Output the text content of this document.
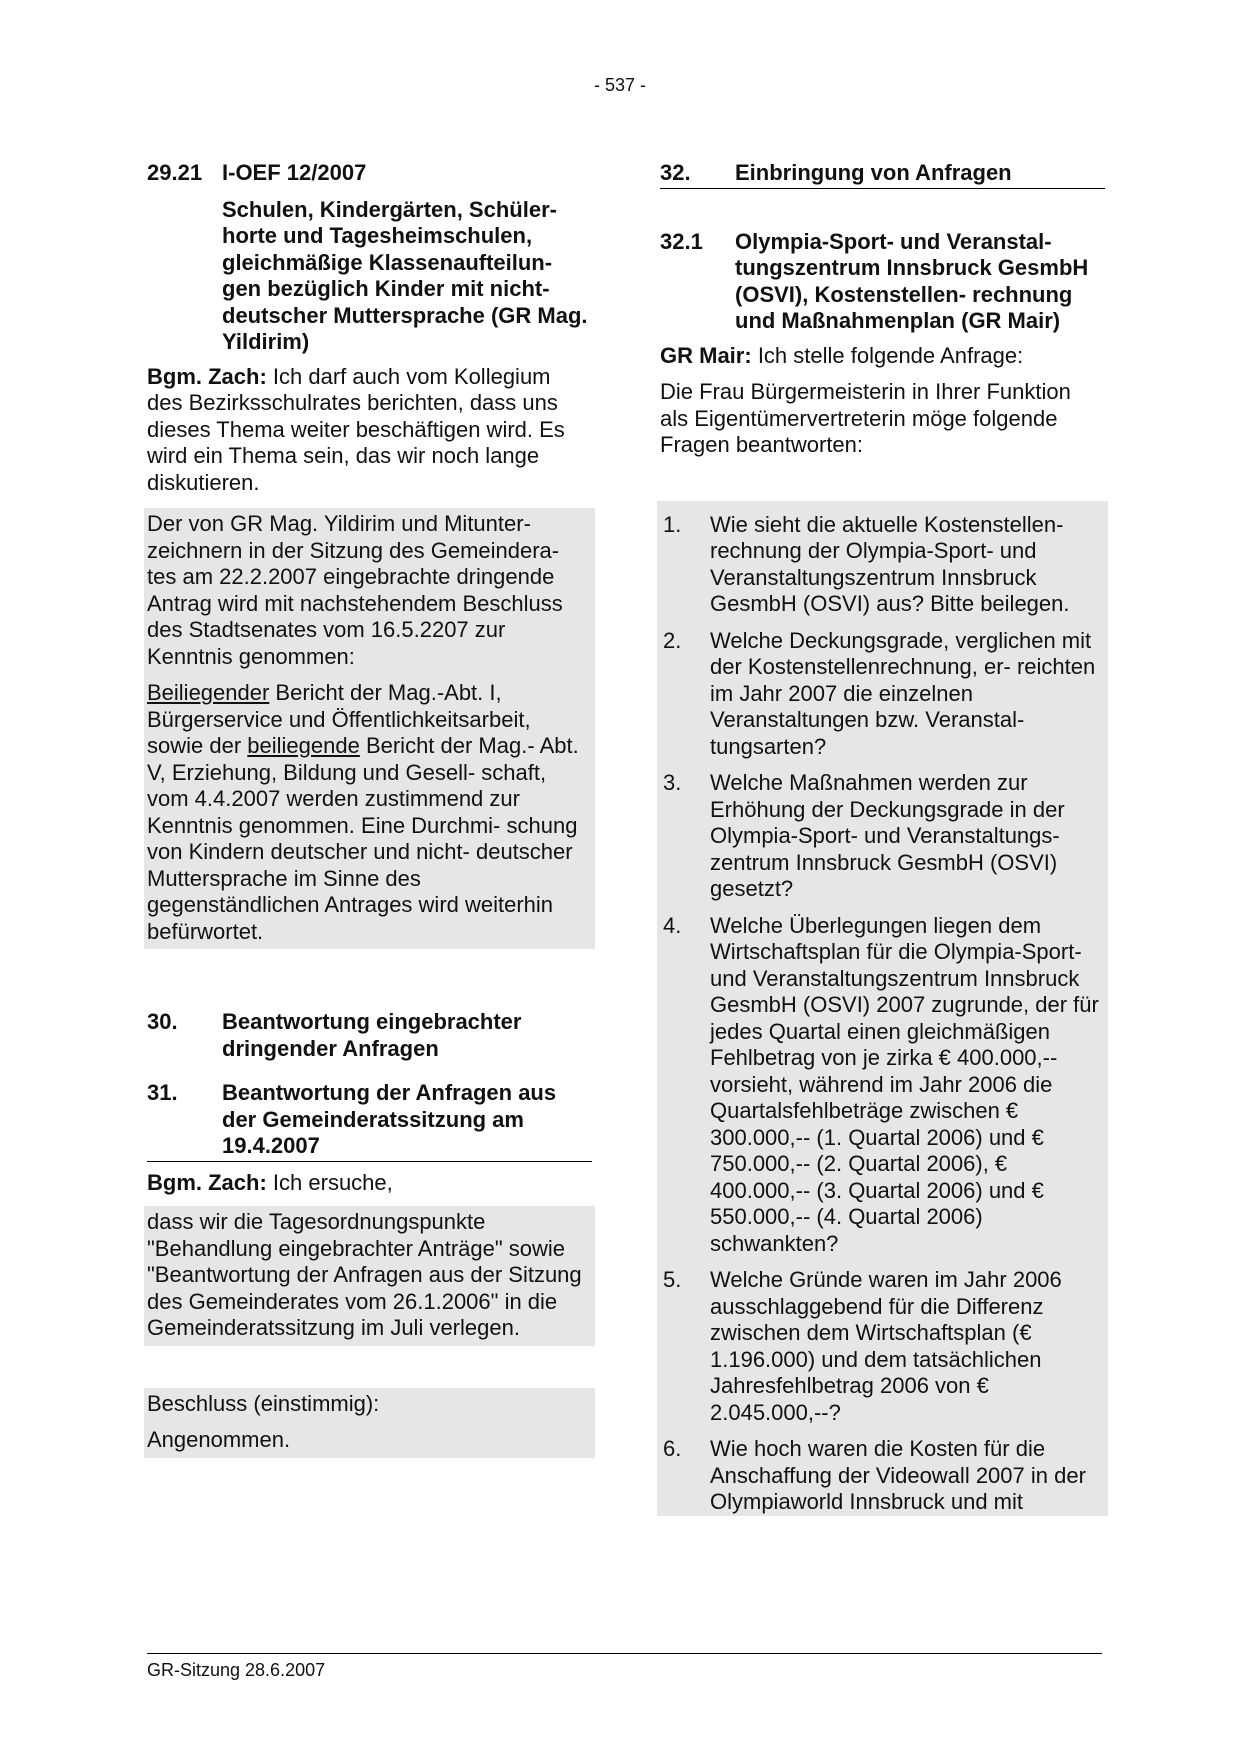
- 537 -
29.21 I-OEF 12/2007
Schulen, Kindergärten, Schüler- horte und Tagesheimschulen, gleichmäßige Klassenaufteilun- gen bezüglich Kinder mit nicht- deutscher Muttersprache (GR Mag. Yildirim)

Bgm. Zach: Ich darf auch vom Kollegium des Bezirksschulrates berichten, dass uns dieses Thema weiter beschäftigen wird. Es wird ein Thema sein, das wir noch lange diskutieren.

Der von GR Mag. Yildirim und Mitunter- zeichnern in der Sitzung des Gemeindera- tes am 22.2.2007 eingebrachte dringende Antrag wird mit nachstehendem Beschluss des Stadtsenates vom 16.5.2207 zur Kenntnis genommen:

Beiliegender Bericht der Mag.-Abt. I, Bürgerservice und Öffentlichkeitsarbeit, sowie der beiliegende Bericht der Mag.- Abt. V, Erziehung, Bildung und Gesell- schaft, vom 4.4.2007 werden zustimmend zur Kenntnis genommen. Eine Durchmi- schung von Kindern deutscher und nicht- deutscher Muttersprache im Sinne des gegenständlichen Antrages wird weiterhin befürwortet.

30.	Beantwortung eingebrachter dringender Anfragen
31.	Beantwortung der Anfragen aus der Gemeinderatssitzung am 19.4.2007

Bgm. Zach: Ich ersuche,

dass wir die Tagesordnungspunkte "Behandlung eingebrachter Anträge" sowie "Beantwortung der Anfragen aus der Sitzung des Gemeinderates vom 26.1.2006" in die Gemeinderatssitzung im Juli verlegen.

Beschluss (einstimmig):

Angenommen.

32.	Einbringung von Anfragen
32.1	Olympia-Sport- und Veranstal- tungszentrum Innsbruck GesmbH (OSVI), Kostenstellen- rechnung und Maßnahmenplan (GR Mair)

GR Mair: Ich stelle folgende Anfrage:

Die Frau Bürgermeisterin in Ihrer Funktion als Eigentümervertreterin möge folgende Fragen beantworten:

1.	Wie sieht die aktuelle Kostenstellen- rechnung der Olympia-Sport- und Veranstaltungszentrum Innsbruck GesmbH (OSVI) aus? Bitte beilegen.
2.	Welche Deckungsgrade, verglichen mit der Kostenstellenrechnung, er- reichten im Jahr 2007 die einzelnen Veranstaltungen bzw. Veranstal- tungsarten?
3.	Welche Maßnahmen werden zur Erhöhung der Deckungsgrade in der Olympia-Sport- und Veranstaltungs- zentrum Innsbruck GesmbH (OSVI) gesetzt?
4.	Welche Überlegungen liegen dem Wirtschaftsplan für die Olympia-Sport- und Veranstaltungszentrum Innsbruck GesmbH (OSVI) 2007 zugrunde, der für jedes Quartal einen gleichmäßigen Fehlbetrag von je zirka € 400.000,-- vorsieht, während im Jahr 2006 die Quartalsfehlbeträge zwischen € 300.000,-- (1. Quartal 2006) und € 750.000,-- (2. Quartal 2006), € 400.000,-- (3. Quartal 2006) und € 550.000,-- (4. Quartal 2006) schwankten?
5.	Welche Gründe waren im Jahr 2006 ausschlaggebend für die Differenz zwischen dem Wirtschaftsplan (€ 1.196.000) und dem tatsächlichen Jahresfehlbetrag 2006 von € 2.045.000,--?
6.	Wie hoch waren die Kosten für die Anschaffung der Videowall 2007 in der Olympiaworld Innsbruck und mit
GR-Sitzung 28.6.2007
